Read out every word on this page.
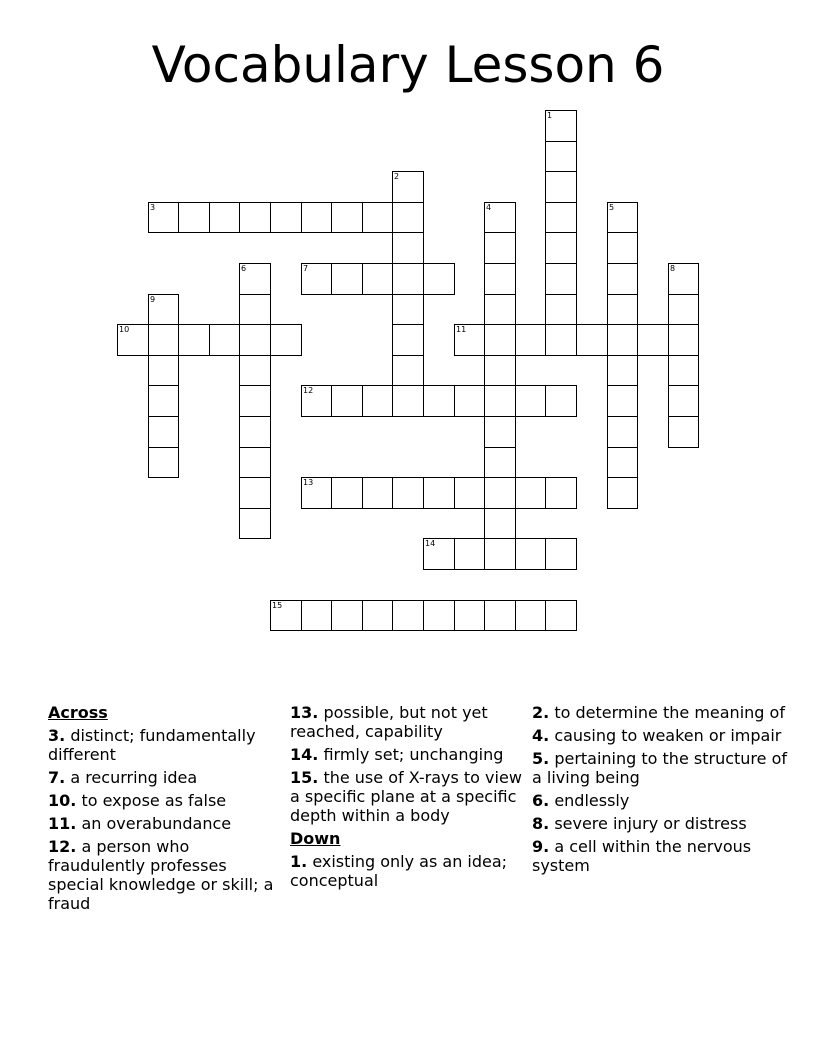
Vocabulary Lesson 6
1
2
3	4	5
6	7	8
9
10	11
12
13
14
15
Across
3. distinct; fundamentally different
7. a recurring idea
10. to expose as false
11. an overabundance
12. a person who fraudulently professes special knowledge or skill; a fraud
13. possible, but not yet reached, capability
14. firmly set; unchanging
15. the use of X-rays to view a specific plane at a specific depth within a body
Down
1. existing only as an idea; conceptual
2. to determine the meaning of
4. causing to weaken or impair
5. pertaining to the structure of a living being
6. endlessly
8. severe injury or distress
9. a cell within the nervous system
